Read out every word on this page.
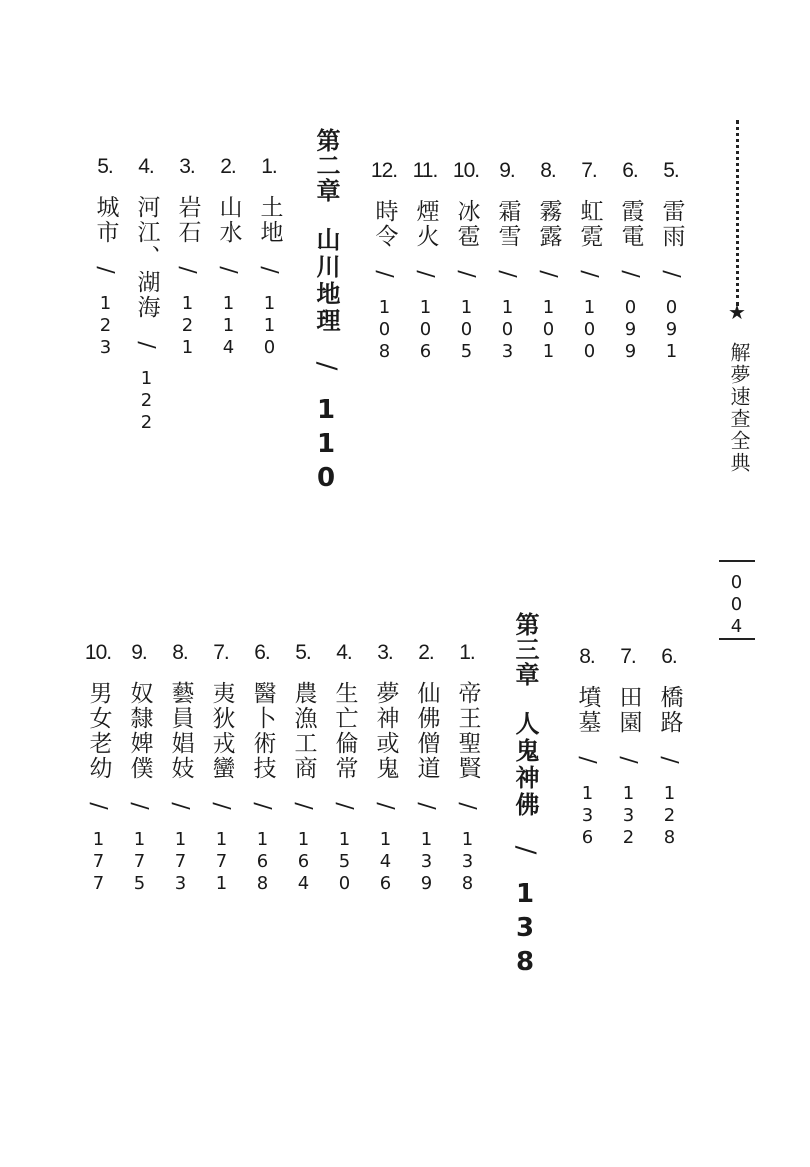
★
解夢速查全典
004
5.
雷雨
/
091
6.
霞電
/
099
7.
虹霓
/
100
8.
霧露
/
101
9.
霜雪
/
103
10.
冰雹
/
105
11.
煙火
/
106
12.
時令
/
108
第二章
山川地理
/
110
1.
土地
/
110
2.
山水
/
114
3.
岩石
/
121
4.
河江、湖海
/
122
5.
城市
/
123
6.
橋路
/
128
7.
田園
/
132
8.
墳墓
/
136
第三章
人鬼神佛
/
138
1.
帝王聖賢
/
138
2.
仙佛僧道
/
139
3.
夢神或鬼
/
146
4.
生亡倫常
/
150
5.
農漁工商
/
164
6.
醫卜術技
/
168
7.
夷狄戎蠻
/
171
8.
藝員娼妓
/
173
9.
奴隸婢僕
/
175
10.
男女老幼
/
177
